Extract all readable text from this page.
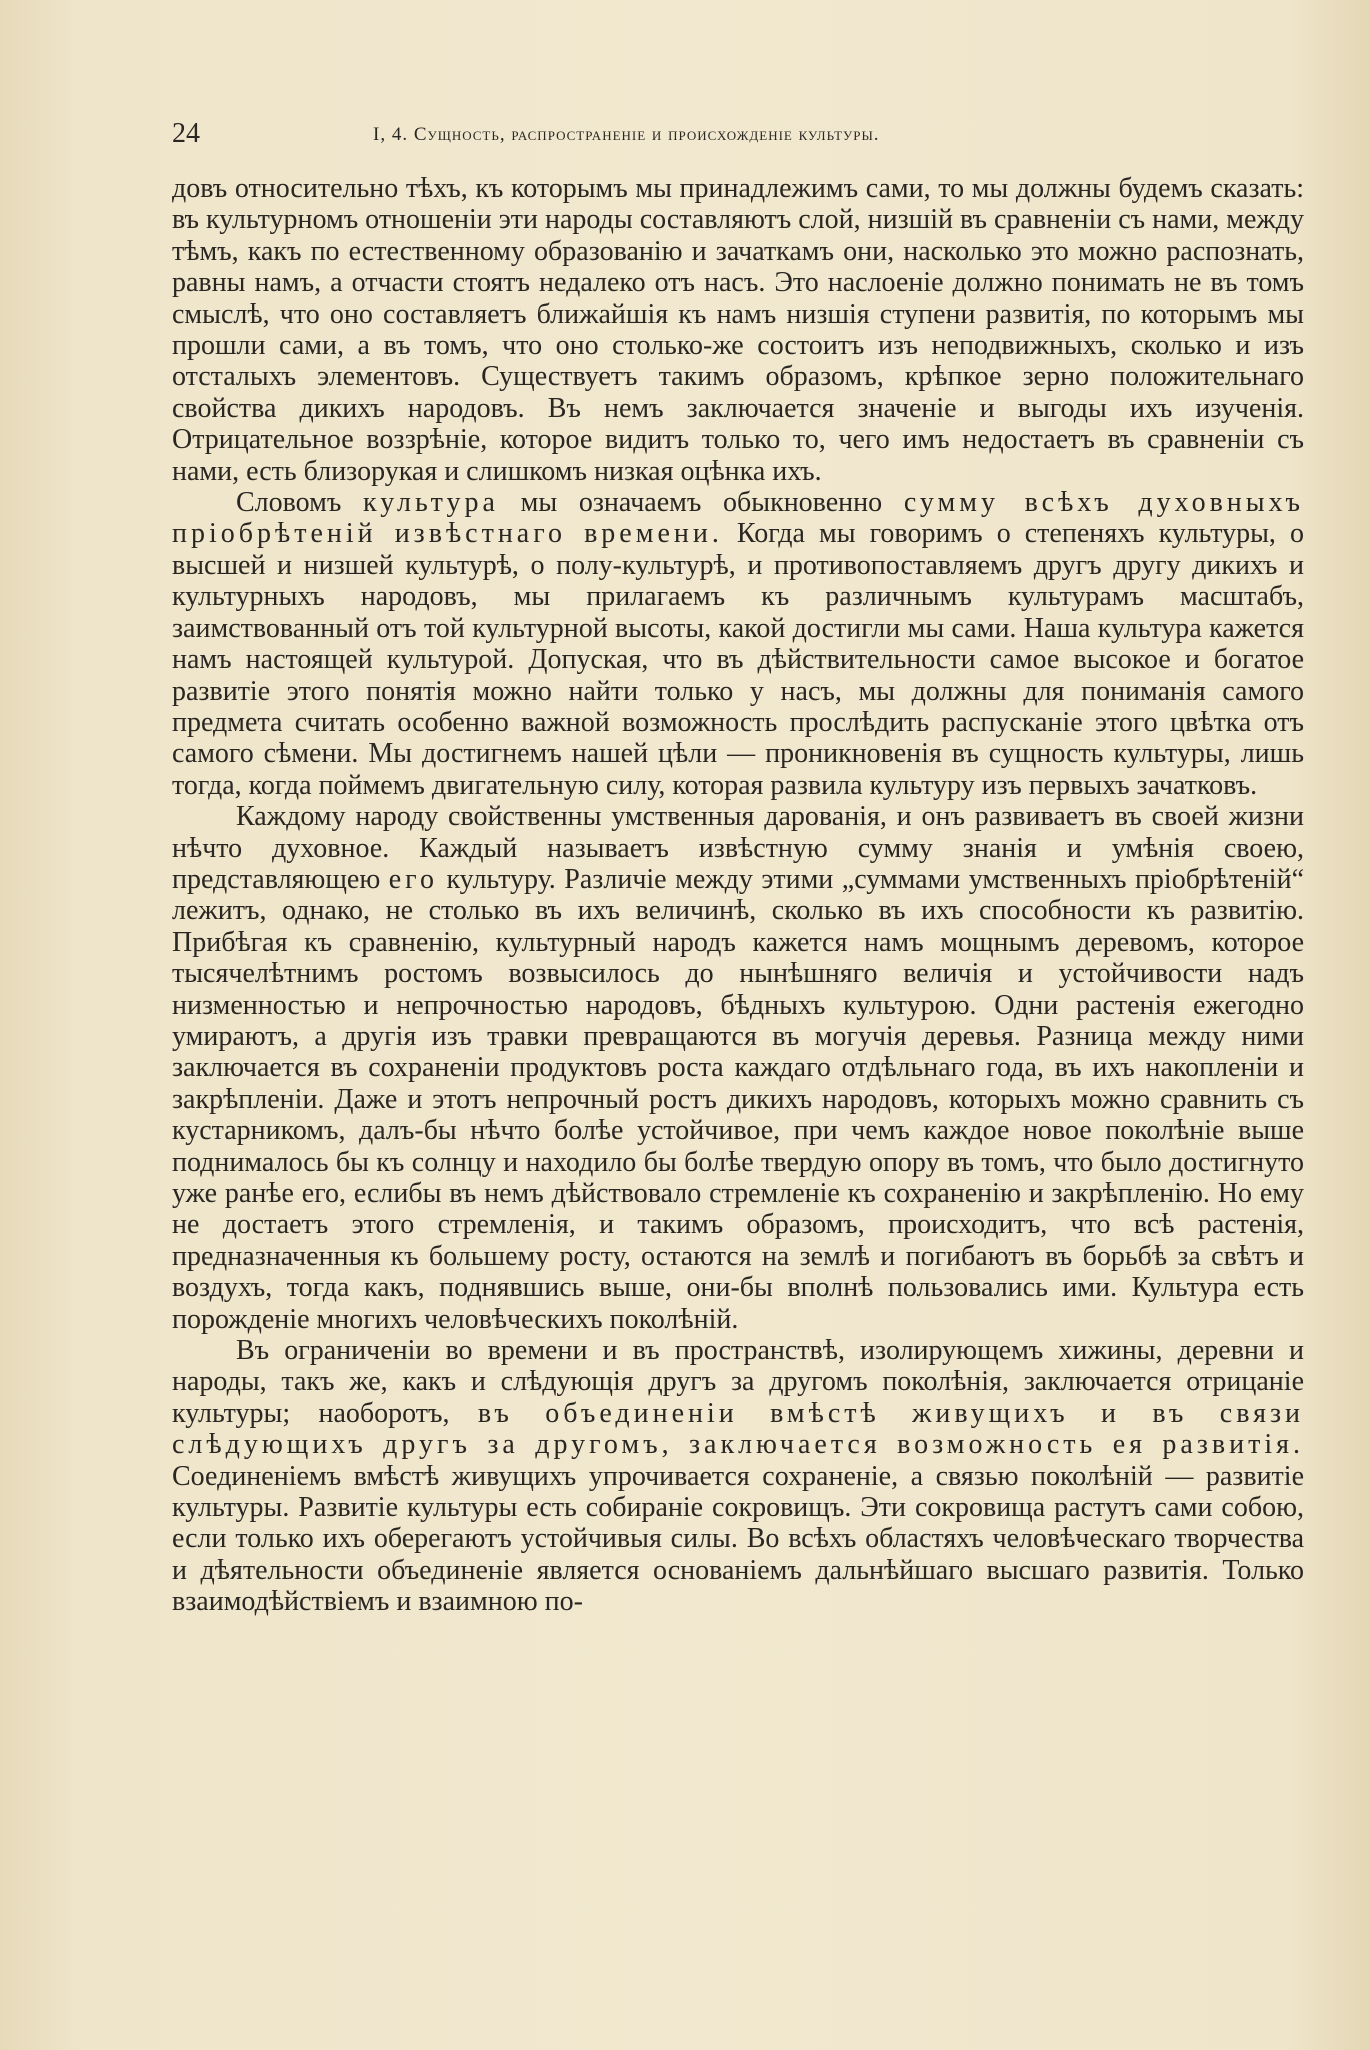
24	I, 4. Сущность, распространеніе и происхожденіе культуры.

довъ относительно тѣхъ, къ которымъ мы принадлежимъ сами, то мы должны будемъ сказать: въ культурномъ отношеніи эти народы составляютъ слой, низшій въ сравненіи съ нами, между тѣмъ, какъ по естественному образованію и зачаткамъ они, насколько это можно распознать, равны намъ, а отчасти стоятъ недалеко отъ насъ. Это наслоеніе должно понимать не въ томъ смыслѣ, что оно составляетъ ближайшія къ намъ низшія ступени развитія, по которымъ мы прошли сами, а въ томъ, что оно столько-же состоитъ изъ неподвижныхъ, сколько и изъ отсталыхъ элементовъ. Существуетъ такимъ образомъ, крѣпкое зерно положительнаго свойства дикихъ народовъ. Въ немъ заключается значеніе и выгоды ихъ изученія. Отрицательное воззрѣніе, которое видитъ только то, чего имъ недостаетъ въ сравненіи съ нами, есть близорукая и слишкомъ низкая оцѣнка ихъ.

Словомъ культура мы означаемъ обыкновенно сумму всѣхъ духовныхъ пріобрѣтеній извѣстнаго времени. Когда мы говоримъ о степеняхъ культуры, о высшей и низшей культурѣ, о полу-культурѣ, и противопоставляемъ другъ другу дикихъ и культурныхъ народовъ, мы прилагаемъ къ различнымъ культурамъ масштабъ, заимствованный отъ той культурной высоты, какой достигли мы сами. Наша культура кажется намъ настоящей культурой. Допуская, что въ дѣйствительности самое высокое и богатое развитіе этого понятія можно найти только у насъ, мы должны для пониманія самого предмета считать особенно важной возможность прослѣдить распусканіе этого цвѣтка отъ самого сѣмени. Мы достигнемъ нашей цѣли — проникновенія въ сущность культуры, лишь тогда, когда поймемъ двигательную силу, которая развила культуру изъ первыхъ зачатковъ.

Каждому народу свойственны умственныя дарованія, и онъ развиваетъ въ своей жизни нѣчто духовное. Каждый называетъ извѣстную сумму знанія и умѣнія своею, представляющею его культуру. Различіе между этими „суммами умственныхъ пріобрѣтеній“ лежитъ, однако, не столько въ ихъ величинѣ, сколько въ ихъ способности къ развитію. Прибѣгая къ сравненію, культурный народъ кажется намъ мощнымъ деревомъ, которое тысячелѣтнимъ ростомъ возвысилось до нынѣшняго величія и устойчивости надъ низменностью и непрочностью народовъ, бѣдныхъ культурою. Одни растенія ежегодно умираютъ, а другія изъ травки превращаются въ могучія деревья. Разница между ними заключается въ сохраненіи продуктовъ роста каждаго отдѣльнаго года, въ ихъ накопленіи и закрѣпленіи. Даже и этотъ непрочный ростъ дикихъ народовъ, которыхъ можно сравнить съ кустарникомъ, далъ-бы нѣчто болѣе устойчивое, при чемъ каждое новое поколѣніе выше поднималось бы къ солнцу и находило бы болѣе твердую опору въ томъ, что было достигнуто уже ранѣе его, еслибы въ немъ дѣйствовало стремленіе къ сохраненію и закрѣпленію. Но ему не достаетъ этого стремленія, и такимъ образомъ, происходитъ, что всѣ растенія, предназначенныя къ большему росту, остаются на землѣ и погибаютъ въ борьбѣ за свѣтъ и воздухъ, тогда какъ, поднявшись выше, они-бы вполнѣ пользовались ими. Культура есть порожденіе многихъ человѣческихъ поколѣній.

Въ ограниченіи во времени и въ пространствѣ, изолирующемъ хижины, деревни и народы, такъ же, какъ и слѣдующія другъ за другомъ поколѣнія, заключается отрицаніе культуры; наоборотъ, въ объединеніи вмѣстѣ живущихъ и въ связи слѣдующихъ другъ за другомъ, заключается возможность ея развитія. Соединеніемъ вмѣстѣ живущихъ упрочивается сохраненіе, а связью поколѣній — развитіе культуры. Развитіе культуры есть собираніе сокровищъ. Эти сокровища растутъ сами собою, если только ихъ оберегаютъ устойчивыя силы. Во всѣхъ областяхъ человѣческаго творчества и дѣятельности объединеніе является основаніемъ дальнѣйшаго высшаго развитія. Только взаимодѣйствіемъ и взаимною по-
